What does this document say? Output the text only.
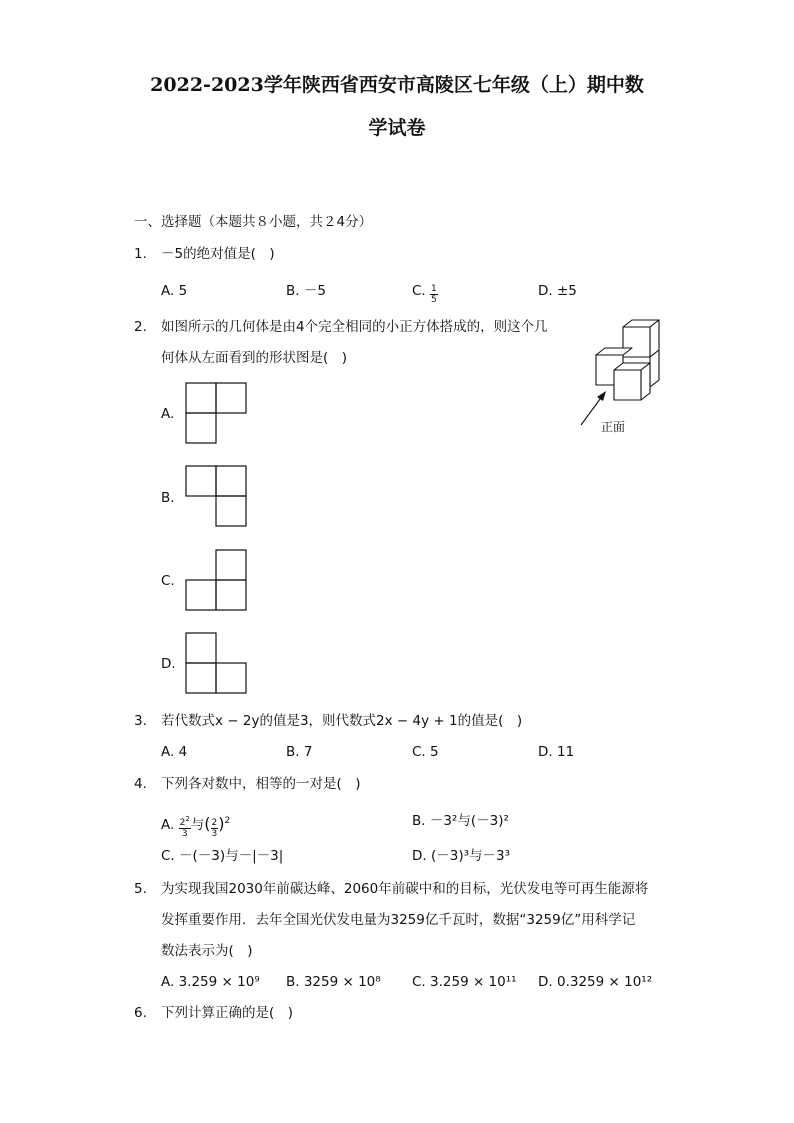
2022-2023学年陕西省西安市高陵区七年级（上）期中数
学试卷
一、选择题（本题共８小题，共２4分）
1. －5的绝对值是(　)
A. 5	B. －5	C. $\frac{1}{5}$	D. ±5
2. 如图所示的几何体是由4个完全相同的小正方体搭成的，则这个几
何体从左面看到的形状图是(　)
正面
A.
B.
C.
D.
3. 若代数式x − 2y的值是3，则代数式2x − 4y + 1的值是(　)
A. 4	B. 7	C. 5	D. 11
4. 下列各对数中，相等的一对是(　)
A. $\frac{2^2}{3}$ 与( $\frac{2}{3} )^2$	B. －3²与(－3)²
C. －(－3)与－|－3|	D. (－3)³与－3³
5. 为实现我国2030年前碳达峰、2060年前碳中和的目标，光伏发电等可再生能源将
发挥重要作用．去年全国光伏发电量为3259亿千瓦时，数据“3259亿”用科学记
数法表示为(　)
A. 3.259 × 10⁹ B. 3259 × 10⁸ C. 3.259 × 10¹¹ D. 0.3259 × 10¹²
6. 下列计算正确的是(　)
